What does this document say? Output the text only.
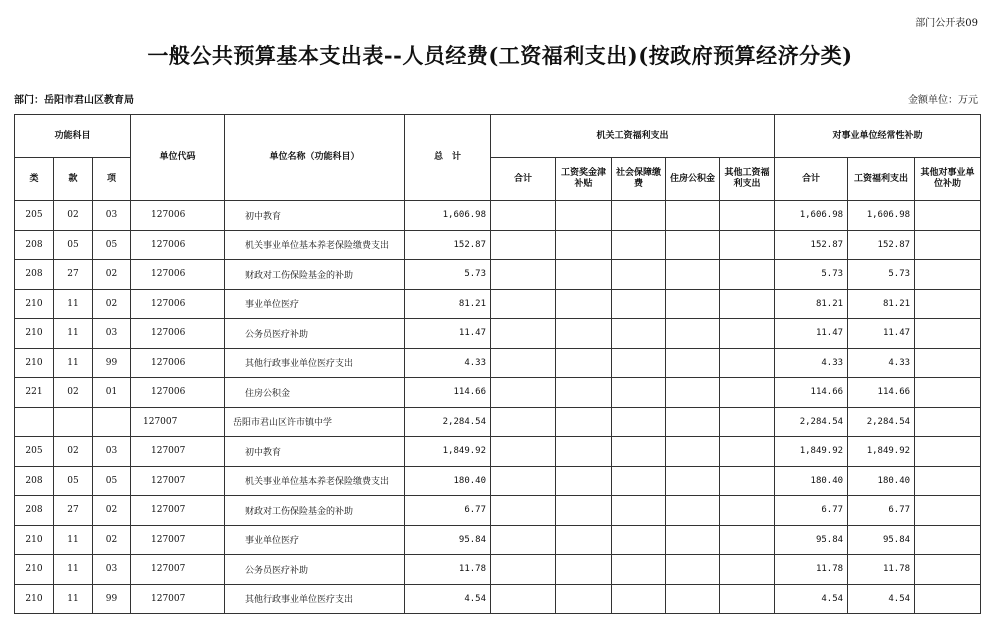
部门公开表09
一般公共预算基本支出表--人员经费(工资福利支出)(按政府预算经济分类)
部门：岳阳市君山区教育局	金额单位：万元
功能科目			单位代码	单位名称（功能科目）	总　计	机关工资福利支出					对事业单位经常性补助		
类	款	项				合计	工资奖金津补贴	社会保障缴费	住房公积金	其他工资福利支出	合计	工资福利支出	其他对事业单位补助
205	02	03	127006	初中教育	1,606.98						1,606.98	1,606.98	
208	05	05	127006	机关事业单位基本养老保险缴费支出	152.87						152.87	152.87	
208	27	02	127006	财政对工伤保险基金的补助	5.73						5.73	5.73	
210	11	02	127006	事业单位医疗	81.21						81.21	81.21	
210	11	03	127006	公务员医疗补助	11.47						11.47	11.47	
210	11	99	127006	其他行政事业单位医疗支出	4.33						4.33	4.33	
221	02	01	127006	住房公积金	114.66						114.66	114.66	
			127007	岳阳市君山区许市镇中学	2,284.54						2,284.54	2,284.54	
205	02	03	127007	初中教育	1,849.92						1,849.92	1,849.92	
208	05	05	127007	机关事业单位基本养老保险缴费支出	180.40						180.40	180.40	
208	27	02	127007	财政对工伤保险基金的补助	6.77						6.77	6.77	
210	11	02	127007	事业单位医疗	95.84						95.84	95.84	
210	11	03	127007	公务员医疗补助	11.78						11.78	11.78	
210	11	99	127007	其他行政事业单位医疗支出	4.54						4.54	4.54	
